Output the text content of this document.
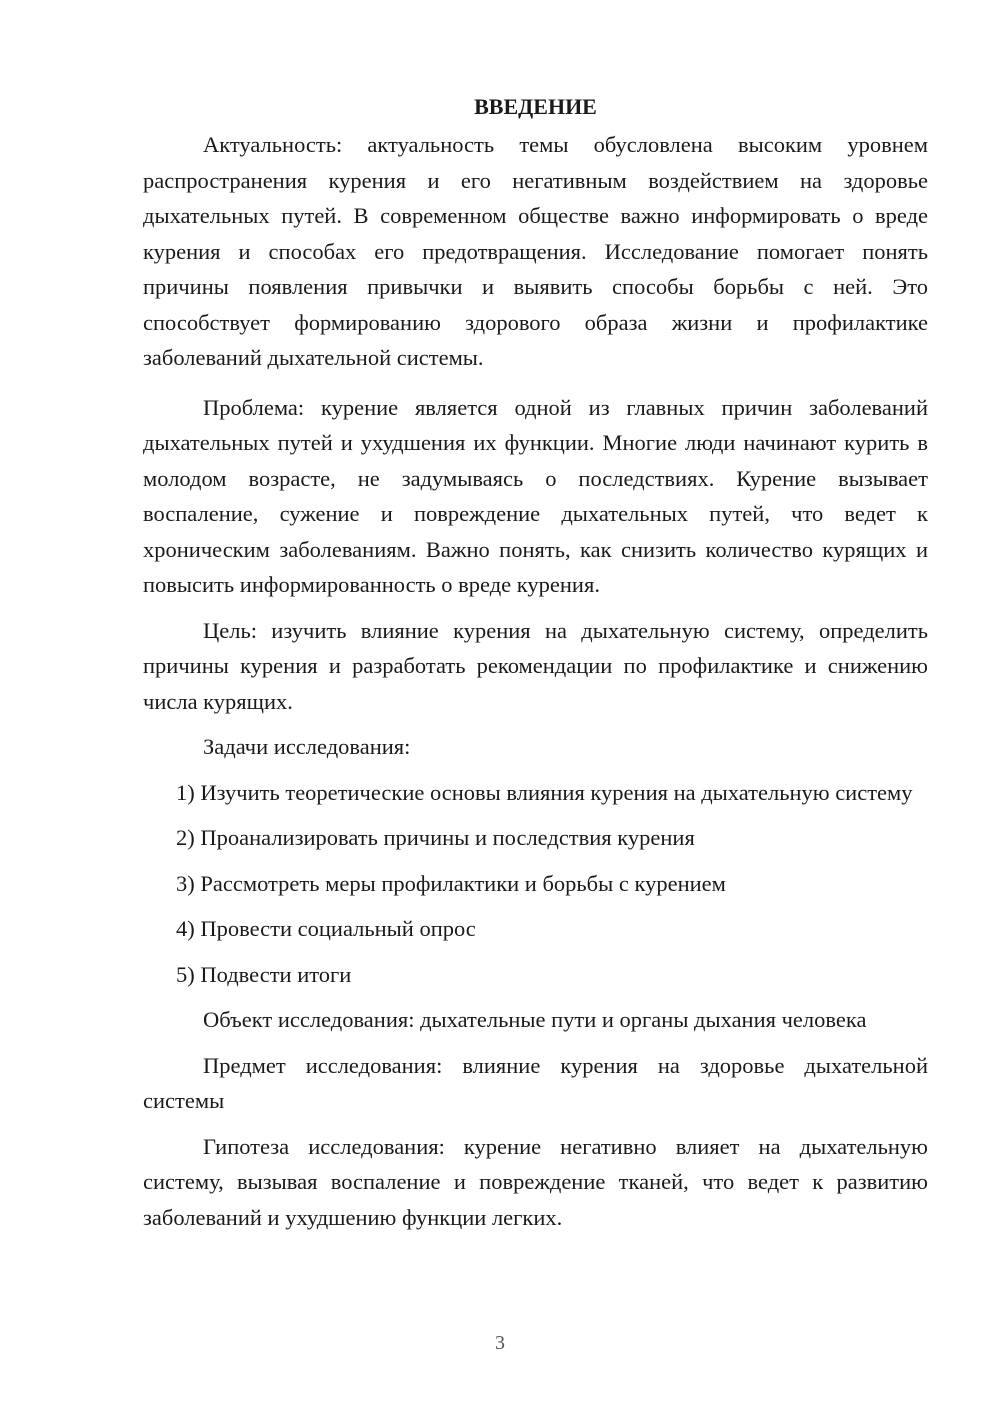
ВВЕДЕНИЕ

Актуальность: актуальность темы обусловлена высоким уровнем распространения курения и его негативным воздействием на здоровье дыхательных путей. В современном обществе важно информировать о вреде курения и способах его предотвращения. Исследование помогает понять причины появления привычки и выявить способы борьбы с ней. Это способствует формированию здорового образа жизни и профилактике заболеваний дыхательной системы.

Проблема: курение является одной из главных причин заболеваний дыхательных путей и ухудшения их функции. Многие люди начинают курить в молодом возрасте, не задумываясь о последствиях. Курение вызывает воспаление, сужение и повреждение дыхательных путей, что ведет к хроническим заболеваниям. Важно понять, как снизить количество курящих и повысить информированность о вреде курения.

Цель: изучить влияние курения на дыхательную систему, определить причины курения и разработать рекомендации по профилактике и снижению числа курящих.

Задачи исследования:

1) Изучить теоретические основы влияния курения на дыхательную систему

2) Проанализировать причины и последствия курения

3) Рассмотреть меры профилактики и борьбы с курением

4) Провести социальный опрос

5) Подвести итоги

Объект исследования: дыхательные пути и органы дыхания человека

Предмет исследования: влияние курения на здоровье дыхательной системы

Гипотеза исследования: курение негативно влияет на дыхательную систему, вызывая воспаление и повреждение тканей, что ведет к развитию заболеваний и ухудшению функции легких.

3
